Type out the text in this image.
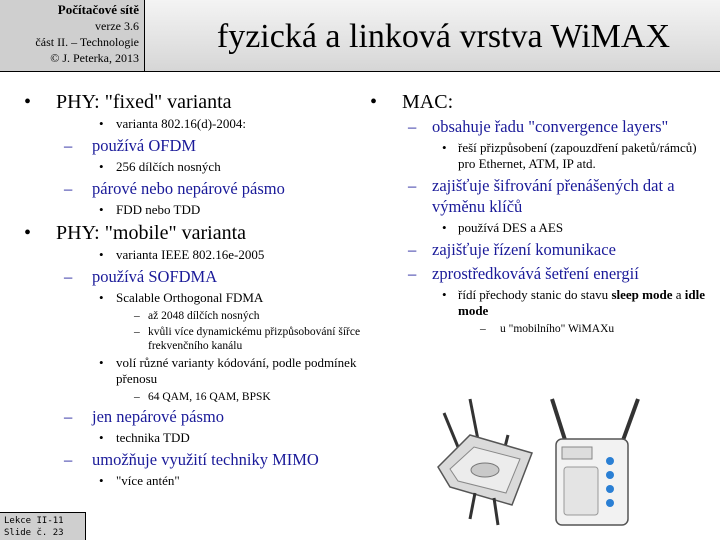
Počítačové sítě
verze 3.6
část II. – Technologie
© J. Peterka, 2013
fyzická a linková vrstva WiMAX
• PHY: "fixed" varianta
• varianta 802.16(d)-2004:
– používá OFDM
• 256 dílčích nosných
– párové nebo nepárové pásmo
• FDD nebo TDD
• PHY: "mobile" varianta
• varianta IEEE 802.16e-2005
– používá SOFDMA
• Scalable Orthogonal FDMA
– až 2048 dílčích nosných
– kvůli více dynamickému přizpůsobování šířce frekvenčního kanálu
• volí různé varianty kódování, podle podmínek přenosu
– 64 QAM, 16 QAM, BPSK
– jen nepárové pásmo
• technika TDD
– umožňuje využití techniky MIMO
• "více antén"
• MAC:
– obsahuje řadu "convergence layers"
• řeší přizpůsobení (zapouzdření paketů/rámců) pro Ethernet, ATM, IP atd.
– zajišťuje šifrování přenášených dat a výměnu klíčů
• používá DES a AES
– zajišťuje řízení komunikace
– zprostředkovává šetření energií
• řídí přechody stanic do stavu sleep mode a idle mode
– u "mobilního" WiMAXu
Lekce II-11
Slide č. 23
